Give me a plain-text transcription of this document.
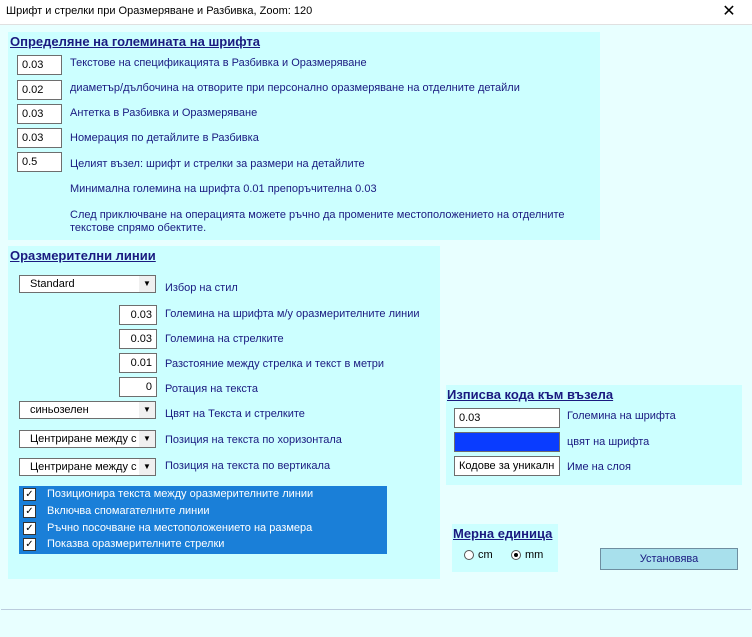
Шрифт и стрелки при Оразмеряване и Разбивка, Zoom: 120	✕
Определяне на големината на шрифта
0.03	Текстове на спецификацията в Разбивка и Оразмеряване
0.02	диаметър/дълбочина на отворите при персонално оразмеряване на отделните детайли
0.03	Антетка в Разбивка и Оразмеряване
0.03	Номерация по детайлите в Разбивка
0.5	Целият възел: шрифт и стрелки за размери на детайлите
Минимална големина на шрифта 0.01 препоръчителна 0.03
След приключване на операцията можете ръчно да промените местоположението на отделните
текстове спрямо обектите.
Оразмерителни линии
Standard	▼	Избор на стил
0.03	Големина на шрифта м/у оразмерителните линии
0.03	Големина на стрелките
0.01	Разстояние между стрелка и текст в метри
0	Ротация на текста
синьозелен	▼	Цвят на Текста и стрелките
Центриране между с ▼	Позиция на текста по хоризонтала
Центриране между с ▼	Позиция на текста по вертикала
✓ Позиционира текста между оразмерителните линии
✓ Включва спомагателните линии
✓ Ръчно посочване на местоположението на размера
✓ Показва оразмерителните стрелки
Изписва кода към възела
0.03	Големина на шрифта
цвят на шрифта
Кодове за уникалн	Име на слоя
Мерна единица
cm	mm	Установява
